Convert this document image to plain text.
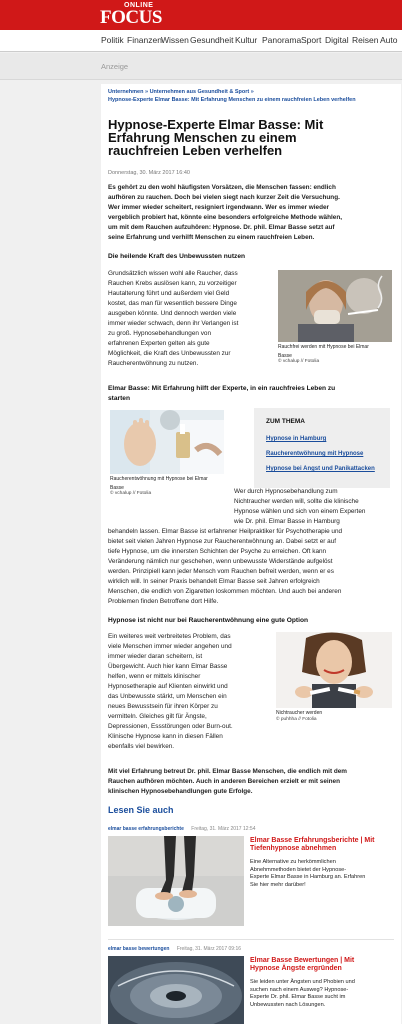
ONLINE
FOCUS
Politik Finanzen Wissen Gesundheit Kultur Panorama Sport Digital Reisen Auto
Anzeige
Unternehmen » Unternehmen aus Gesundheit & Sport »
Hypnose-Experte Elmar Basse: Mit Erfahrung Menschen zu einem rauchfreien Leben verhelfen
Hypnose-Experte Elmar Basse: Mit
Erfahrung Menschen zu einem
rauchfreien Leben verhelfen
Donnerstag, 30. März 2017 16:40
Es gehört zu den wohl häufigsten Vorsätzen, die Menschen fassen: endlich
aufhören zu rauchen. Doch bei vielen siegt nach kurzer Zeit die Versuchung.
Wer immer wieder scheitert, resigniert irgendwann. Wer es immer wieder
vergeblich probiert hat, könnte eine besonders erfolgreiche Methode wählen,
um mit dem Rauchen aufzuhören: Hypnose. Dr. phil. Elmar Basse setzt auf
seine Erfahrung und verhilft Menschen zu einem rauchfreien Leben.
Die heilende Kraft des Unbewussten nutzen
Grundsätzlich wissen wohl alle Raucher, dass
Rauchen Krebs auslösen kann, zu vorzeitiger
Hautalterung führt und außerdem viel Geld
kostet, das man für wesentlich bessere Dinge
ausgeben könnte. Und dennoch werden viele
immer wieder schwach, denn ihr Verlangen ist
zu groß. Hypnosebehandlungen von
erfahrenen Experten gelten als gute
Möglichkeit, die Kraft des Unbewussten zur
Raucherentwöhnung zu nutzen.
Rauchfrei werden mit Hypnose bei Elmar
Basse
© vchalup // Fotolia
Elmar Basse: Mit Erfahrung hilft der Experte, in ein rauchfreies Leben zu
starten
Raucherentwöhnung mit Hypnose bei Elmar
Basse
© vchalup // Fotolia
ZUM THEMA
Hypnose in Hamburg
Raucherentwöhnung mit Hypnose
Hypnose bei Angst und Panikattacken
Wer durch Hypnosebehandlung zum
Nichtraucher werden will, sollte die klinische
Hypnose wählen und sich von einem Experten
wie Dr. phil. Elmar Basse in Hamburg
behandeln lassen. Elmar Basse ist erfahrener Heilpraktiker für Psychotherapie und
bietet seit vielen Jahren Hypnose zur Raucherentwöhnung an. Dabei setzt er auf
tiefe Hypnose, um die innersten Schichten der Psyche zu erreichen. Oft kann
Veränderung nämlich nur geschehen, wenn unbewusste Widerstände aufgelöst
werden. Prinzipiell kann jeder Mensch vom Rauchen befreit werden, wenn er es
wirklich will. In seiner Praxis behandelt Elmar Basse seit Jahren erfolgreich
Menschen, die endlich von Zigaretten loskommen möchten. Und auch bei anderen
Problemen finden Betroffene dort Hilfe.
Hypnose ist nicht nur bei Raucherentwöhnung eine gute Option
Ein weiteres weit verbreitetes Problem, das
viele Menschen immer wieder angehen und
immer wieder daran scheitern, ist
Übergewicht. Auch hier kann Elmar Basse
helfen, wenn er mittels klinischer
Hypnosetherapie auf Klienten einwirkt und
das Unbewusste stärkt, um Menschen ein
neues Bewusstsein für ihren Körper zu
vermitteln. Gleiches gilt für Ängste,
Depressionen, Essstörungen oder Burn-out.
Klinische Hypnose kann in diesen Fällen
ebenfalls viel bewirken.
Nichtraucher werden
© puhhha // Fotolia
Mit viel Erfahrung betreut Dr. phil. Elmar Basse Menschen, die endlich mit dem
Rauchen aufhören möchten. Auch in anderen Bereichen erzielt er mit seinen
klinischen Hypnosebehandlungen gute Erfolge.
Lesen Sie auch
elmar basse erfahrungsberichte Freitag, 31. März 2017 12:54
Elmar Basse Erfahrungsberichte | Mit
Tiefenhypnose abnehmen
Eine Alternative zu herkömmlichen
Abnehmmethoden bietet der Hypnose-
Experte Elmar Basse in Hamburg an. Erfahren
Sie hier mehr darüber!
elmar basse bewertungen Freitag, 31. März 2017 09:16
Elmar Basse Bewertungen | Mit
Hypnose Ängste ergründen
Sie leiden unter Ängsten und Phobien und
suchen nach einem Ausweg? Hypnose-
Experte Dr. phil. Elmar Basse sucht im
Unbewussten nach Lösungen.
